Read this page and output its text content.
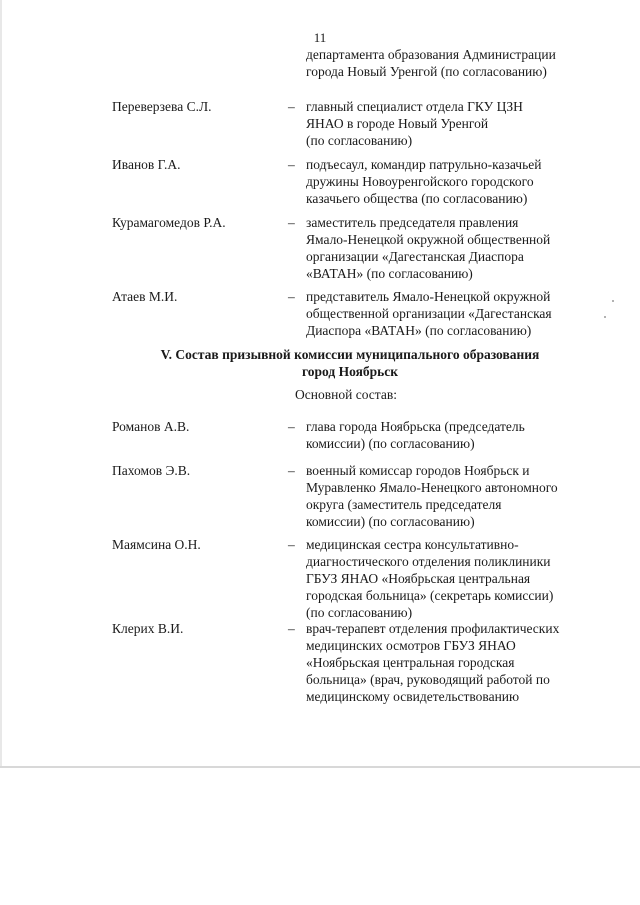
11
департамента образования Администрации
города Новый Уренгой (по согласованию)
Переверзева С.Л.	– главный специалист отдела ГКУ ЦЗН
ЯНАО в городе Новый Уренгой
(по согласованию)
Иванов Г.А.	– подъесаул, командир патрульно-казачьей
дружины Новоуренгойского городского
казачьего общества (по согласованию)
Курамагомедов Р.А.	– заместитель председателя правления
Ямало-Ненецкой окружной общественной
организации «Дагестанская Диаспора
«ВАТАН» (по согласованию)
Атаев М.И.	– представитель Ямало-Ненецкой окружной
общественной организации «Дагестанская
Диаспора «ВАТАН» (по согласованию)
V. Состав призывной комиссии муниципального образования
город Ноябрьск
Основной состав:
Романов А.В.	– глава города Ноябрьска (председатель
комиссии) (по согласованию)
Пахомов Э.В.	– военный комиссар городов Ноябрьск и
Муравленко Ямало-Ненецкого автономного
округа (заместитель председателя
комиссии) (по согласованию)
Маямсина О.Н.	– медицинская сестра консультативно-
диагностического отделения поликлиники
ГБУЗ ЯНАО «Ноябрьская центральная
городская больница» (секретарь комиссии)
(по согласованию)
Клерих В.И.	– врач-терапевт отделения профилактических
медицинских осмотров ГБУЗ ЯНАО
«Ноябрьская центральная городская
больница» (врач, руководящий работой по
медицинскому освидетельствованию
